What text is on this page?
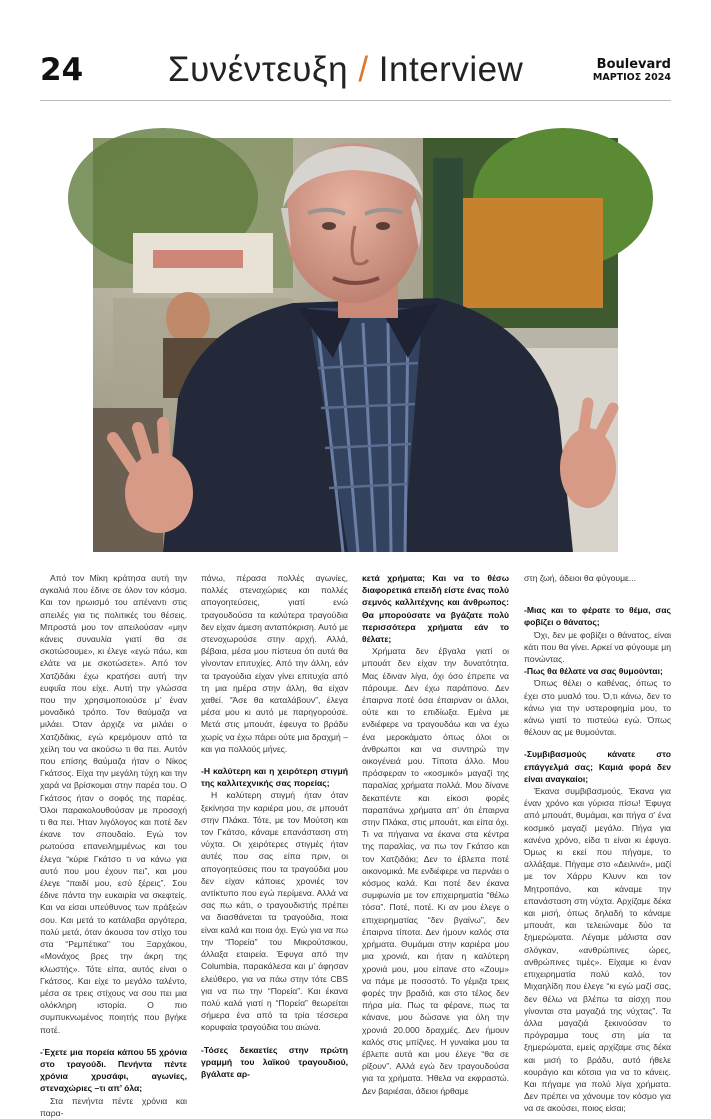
24 Συνέντευξη / Interview	Boulevard
ΜΑΡΤΙΟΣ 2024

Από τον Μίκη κράτησα αυτή την αγκαλιά που έδινε σε όλον τον κόσμο. Και τον ηρωισμό του απέναντι στις απειλές για τις πολιτικές του θέσεις. Μπροστά μου τον απειλούσαν «μην κάνεις συναυλία γιατί θα σε σκοτώσουμε», κι έλεγε «εγώ πάω, και ελάτε να με σκοτώσετε». Από τον Χατζιδάκι έχω κρατήσει αυτή την ευφυΐα που είχε. Αυτή την γλώσσα που την χρησιμοποιούσε μ’ έναν μοναδικό τρόπο. Τον θαύμαζα να μιλάει. Όταν άρχιζε να μιλάει ο Χατζιδάκις, εγώ κρεμόμουν από τα χείλη του να ακούσω τι θα πει. Αυτόν που επίσης θαύμαζα ήταν ο Νίκος Γκάτσος. Είχα την μεγάλη τύχη και την χαρά να βρίσκομαι στην παρέα του. Ο Γκάτσος ήταν ο σοφός της παρέας. Όλοι παρακολουθούσαν με προσοχή τι θα πει. Ήταν λιγόλογος και ποτέ δεν έκανε τον σπουδαίο. Εγώ τον ρωτούσα επανειλημμένως και του έλεγα “κύριε Γκάτσο τι να κάνω για αυτό που μου έχουν πει”, και μου έλεγε “παιδί μου, εσύ ξέρεις”. Σου έδινε πάντα την ευκαιρία να σκεφτείς. Και να είσαι υπεύθυνος των πράξεών σου. Και μετά το κατάλαβα αργότερα, πολύ μετά, όταν άκουσα τον στίχο του στα “Ρεμπέτικα” του Ξαρχάκου, «Μονάχος βρες την άκρη της κλωστής». Τότε είπα, αυτός είναι ο Γκάτσος. Και είχε το μεγάλο ταλέντο, μέσα σε τρεις στίχους να σου πει μια ολόκληρη ιστορία. Ο πιο συμπυκνωμένος ποιητής που βγήκε ποτέ.

-Έχετε μια πορεία κάπου 55 χρόνια στο τραγούδι. Πενήντα πέντε χρόνια χρυσάφι, αγωνίες, στεναχώριες –τι απ’ όλα;

Στα πενήντα πέντε χρόνια και παρα-

πάνω, πέρασα πολλές αγωνίες, πολλές στεναχώριες και πολλές απογοητεύσεις, γιατί ενώ τραγουδούσα τα καλύτερα τραγούδια δεν είχαν άμεση ανταπόκριση. Αυτό με στενοχωρούσε στην αρχή. Αλλά, βέβαια, μέσα μου πίστευα ότι αυτά θα γίνονταν επιτυχίες. Από την άλλη, εάν τα τραγούδια είχαν γίνει επιτυχία από τη μια ημέρα στην άλλη, θα είχαν χαθεί. “Άσε θα καταλάβουν”, έλεγα μέσα μου κι αυτό με παρηγορούσε. Μετά στις μπουάτ, έφευγα το βράδυ χωρίς να έχω πάρει ούτε μια δραχμή –και για πολλούς μήνες.

-Η καλύτερη και η χειρότερη στιγμή της καλλιτεχνικής σας πορείας;

Η καλύτερη στιγμή ήταν όταν ξεκίνησα την καριέρα μου, σε μπουάτ στην Πλάκα. Τότε, με τον Μούτση και τον Γκάτσο, κάναμε επανάσταση στη νύχτα. Οι χειρότερες στιγμές ήταν αυτές που σας είπα πριν, οι απογοητεύσεις που τα τραγούδια μου δεν είχαν κάποιες χρονιές τον αντίκτυπο που εγώ περίμενα. Αλλά να σας πω κάτι, ο τραγουδιστής πρέπει να διασθάνεται τα τραγούδια, ποια είναι καλά και ποια όχι. Εγώ για να πω την “Πορεία” του Μικρούτσικου, άλλαξα εταιρεία. Έφυγα από την Columbia, παρακάλεσα και μ’ άφησαν ελεύθερο, για να πάω στην τότε CBS για να πω την “Πορεία”. Και έκανα πολύ καλά γιατί η “Πορεία” θεωρείται σήμερα ένα από τα τρία τέσσερα κορυφαία τραγούδια του αιώνα.

-Τόσες δεκαετίες στην πρώτη γραμμή του λαϊκού τραγουδιού, βγάλατε αρ-

κετά χρήματα; Και να το θέσω διαφορετικά επειδή είστε ένας πολύ σεμνός καλλιτέχνης και άνθρωπος: Θα μπορούσατε να βγάζατε πολύ περισσότερα χρήματα εάν το θέλατε;

Χρήματα δεν έβγαλα γιατί οι μπουάτ δεν είχαν την δυνατότητα. Μας έδιναν λίγα, όχι όσο έπρεπε να πάρουμε. Δεν έχω παράπονο. Δεν έπαιρνα ποτέ όσα έπαιρναν οι άλλοι, ούτε και το επιδίωξα. Εμένα με ενδιέφερε να τραγουδάω και να έχω ένα μεροκάματο όπως όλοι οι άνθρωποι και να συντηρώ την οικογένειά μου. Τίποτα άλλο. Μου πρόσφεραν το «κοσμικό» μαγαζί της παραλίας χρήματα πολλά. Μου δίνανε δεκαπέντε και είκοσι φορές παραπάνω χρήματα απ’ ότι έπαιρνα στην Πλάκα, στις μπουάτ, και είπα όχι. Τι να πήγαινα να έκανα στα κέντρα της παραλίας, να πω τον Γκάτσο και τον Χατζιδάκι; Δεν το έβλεπα ποτέ οικονομικά. Με ενδιέφερε να περνάει ο κόσμος καλά. Και ποτέ δεν έκανα συμφωνία με τον επιχειρηματία “θέλω τόσα”. Ποτέ, ποτέ. Κι αν μου έλεγε ο επιχειρηματίας “δεν βγαίνω”, δεν έπαιρνα τίποτα. Δεν ήμουν καλός στα χρήματα. Θυμάμαι στην καριέρα μου μια χρονιά, και ήταν η καλύτερη χρονιά μου, μου είπανε στο «Ζουμ» να πάμε με ποσοστό. Το γέμιζα τρεις φορές την βραδιά, και στο τέλος δεν πήρα μία. Πως τα φέρανε, πως τα κάνανε, μου δώσανε για όλη την χρονιά 20.000 δραχμές. Δεν ήμουν καλός στις μπίζνες. Η γυναίκα μου τα έβλεπε αυτά και μου έλεγε “θα σε ρίξουν”. Αλλά εγώ δεν τραγουδούσα για τα χρήματα. Ήθελα να εκφραστώ. Δεν βαριέσαι, άδειοι ήρθαμε

στη ζωή, άδειοι θα φύγουμε...

-Μιας και το φέρατε το θέμα, σας φοβίζει ο θάνατος;

Όχι, δεν με φοβίζει ο θάνατος, είναι κάτι που θα γίνει. Αρκεί να φύγουμε μη πονώντας.

-Πως θα θέλατε να σας θυμούνται;

Όπως θέλει ο καθένας, όπως το έχει στο μυαλό του. Ό,τι κάνω, δεν το κάνω για την υστεροφημία μου, το κάνω γιατί το πιστεύω εγώ. Όπως θέλουν ας με θυμούνται.

-Συμβιβασμούς κάνατε στο επάγγελμά σας; Καμιά φορά δεν είναι αναγκαίοι;

Έκανα συμβιβασμούς. Έκανα για έναν χρόνο και γύρισα πίσω! Έφυγα από μπουάτ, θυμάμαι, και πήγα σ’ ένα κοσμικό μαγαζί μεγάλο. Πήγα για κανένα χρόνο, είδα τι είναι κι έφυγα. Όμως κι εκεί που πήγαμε, το αλλάξαμε. Πήγαμε στο «Δειλινά», μαζί με τον Χάρρυ Κλυνν και τον Μητροπάνο, και κάναμε την επανάσταση στη νύχτα. Αρχίζαμε δέκα και μισή, όπως δηλαδή το κάναμε μπουάτ, και τελειώναμε δύο τα ξημερώματα. Λέγαμε μάλιστα σαν σλόγκαν, «ανθρώπινες ώρες, ανθρώπινες τιμές». Είχαμε κι έναν επιχειρηματία πολύ καλό, τον Μιχαηλίδη που έλεγε “κι εγώ μαζί σας, δεν θέλω να βλέπω τα αίσχη που γίνονται στα μαγαζιά της νύχτας”. Τα άλλα μαγαζιά ξεκινούσαν το πρόγραμμα τους στη μία τα ξημερώματα, εμείς αρχίζαμε στις δέκα και μισή το βράδυ, αυτό ήθελε κουράγιο και κότσια για να το κάνεις. Και πήγαμε για πολύ λίγα χρήματα. Δεν πρέπει να χάνουμε τον κόσμο για να σε ακούσει, ποιος είσαι;
